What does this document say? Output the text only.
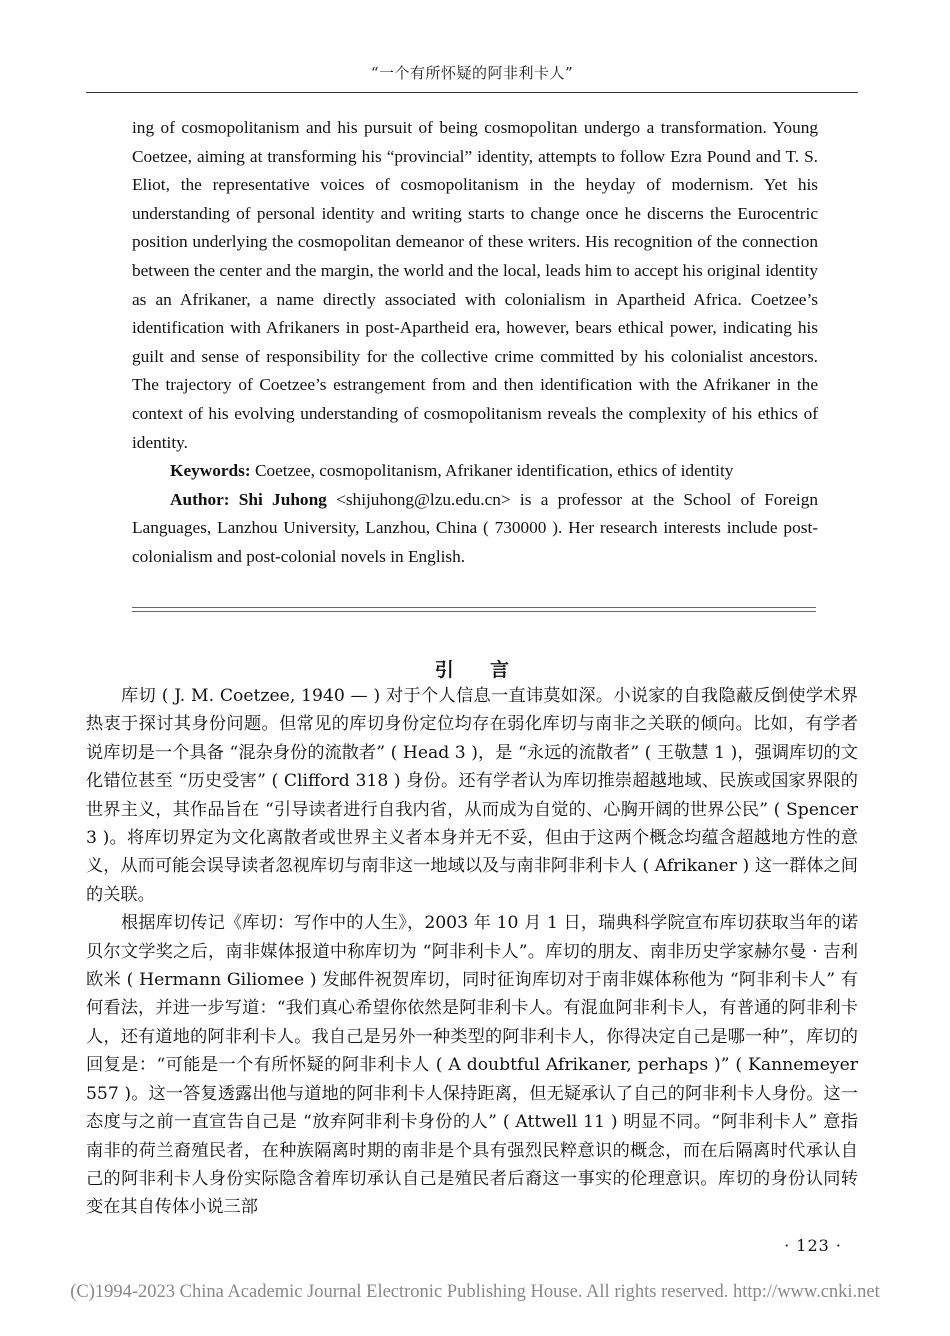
“一个有所怀疑的阿非利卡人”

ing of cosmopolitanism and his pursuit of being cosmopolitan undergo a transformation. Young Coetzee, aiming at transforming his “provincial” identity, attempts to follow Ezra Pound and T. S. Eliot, the representative voices of cosmopolitanism in the heyday of modernism. Yet his understanding of personal identity and writing starts to change once he discerns the Eurocentric position underlying the cosmopolitan demeanor of these writers. His recognition of the connection between the center and the margin, the world and the local, leads him to accept his original identity as an Afrikaner, a name directly associated with colonialism in Apartheid Africa. Coetzee’s identification with Afrikaners in post-Apartheid era, however, bears ethical power, indicating his guilt and sense of responsibility for the collective crime committed by his colonialist ancestors. The trajectory of Coetzee’s estrangement from and then identification with the Afrikaner in the context of his evolving understanding of cosmopolitanism reveals the complexity of his ethics of identity.

Keywords: Coetzee, cosmopolitanism, Afrikaner identification, ethics of identity

Author: Shi Juhong <shijuhong@lzu.edu.cn> is a professor at the School of Foreign Languages, Lanzhou University, Lanzhou, China ( 730000 ). Her research interests include post-colonialism and post-colonial novels in English.

引 言

库切 ( J. M. Coetzee, 1940 — ) 对于个人信息一直讳莫如深。小说家的自我隐蔽反倒使学术界热衷于探讨其身份问题。但常见的库切身份定位均存在弱化库切与南非之关联的倾向。比如，有学者说库切是一个具备 “混杂身份的流散者” ( Head 3 )，是 “永远的流散者” ( 王敬慧 1 )，强调库切的文化错位甚至 “历史受害” ( Clifford 318 ) 身份。还有学者认为库切推崇超越地域、民族或国家界限的世界主义，其作品旨在 “引导读者进行自我内省，从而成为自觉的、心胸开阔的世界公民” ( Spencer 3 )。将库切界定为文化离散者或世界主义者本身并无不妥，但由于这两个概念均蕴含超越地方性的意义，从而可能会误导读者忽视库切与南非这一地域以及与南非阿非利卡人 ( Afrikaner ) 这一群体之间的关联。

根据库切传记《库切：写作中的人生》，2003 年 10 月 1 日，瑞典科学院宣布库切获取当年的诺贝尔文学奖之后，南非媒体报道中称库切为 “阿非利卡人”。库切的朋友、南非历史学家赫尔曼 · 吉利欧米 ( Hermann Giliomee ) 发邮件祝贺库切，同时征询库切对于南非媒体称他为 “阿非利卡人” 有何看法，并进一步写道：“我们真心希望你依然是阿非利卡人。有混血阿非利卡人，有普通的阿非利卡人，还有道地的阿非利卡人。我自己是另外一种类型的阿非利卡人，你得决定自己是哪一种”，库切的回复是：“可能是一个有所怀疑的阿非利卡人 ( A doubtful Afrikaner, perhaps )” ( Kannemeyer 557 )。这一答复透露出他与道地的阿非利卡人保持距离，但无疑承认了自己的阿非利卡人身份。这一态度与之前一直宣告自己是 “放弃阿非利卡身份的人” ( Attwell 11 ) 明显不同。“阿非利卡人” 意指南非的荷兰裔殖民者，在种族隔离时期的南非是个具有强烈民粹意识的概念，而在后隔离时代承认自己的阿非利卡人身份实际隐含着库切承认自己是殖民者后裔这一事实的伦理意识。库切的身份认同转变在其自传体小说三部

· 123 ·
(C)1994-2023 China Academic Journal Electronic Publishing House. All rights reserved. http://www.cnki.net
